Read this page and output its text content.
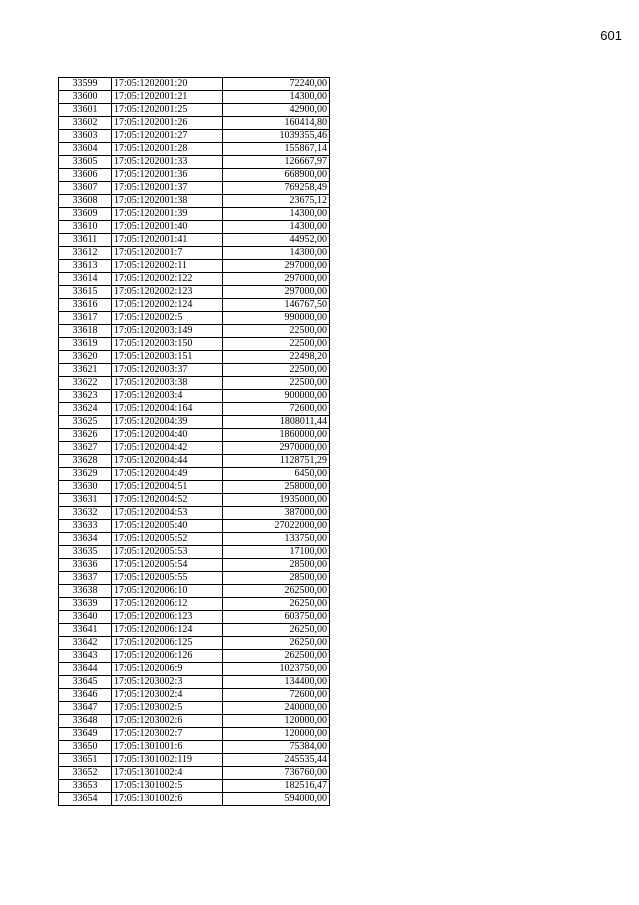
601
33599	17:05:1202001:20	72240,00
33600	17:05:1202001:21	14300,00
33601	17:05:1202001:25	42900,00
33602	17:05:1202001:26	160414,80
33603	17:05:1202001:27	1039355,46
33604	17:05:1202001:28	155867,14
33605	17:05:1202001:33	126667,97
33606	17:05:1202001:36	668900,00
33607	17:05:1202001:37	769258,49
33608	17:05:1202001:38	23675,12
33609	17:05:1202001:39	14300,00
33610	17:05:1202001:40	14300,00
33611	17:05:1202001:41	44952,00
33612	17:05:1202001:7	14300,00
33613	17:05:1202002:11	297000,00
33614	17:05:1202002:122	297000,00
33615	17:05:1202002:123	297000,00
33616	17:05:1202002:124	146767,50
33617	17:05:1202002:5	990000,00
33618	17:05:1202003:149	22500,00
33619	17:05:1202003:150	22500,00
33620	17:05:1202003:151	22498,20
33621	17:05:1202003:37	22500,00
33622	17:05:1202003:38	22500,00
33623	17:05:1202003:4	900000,00
33624	17:05:1202004:164	72600,00
33625	17:05:1202004:39	1808011,44
33626	17:05:1202004:40	1860000,00
33627	17:05:1202004:42	2970000,00
33628	17:05:1202004:44	1128751,29
33629	17:05:1202004:49	6450,00
33630	17:05:1202004:51	258000,00
33631	17:05:1202004:52	1935000,00
33632	17:05:1202004:53	387000,00
33633	17:05:1202005:40	27022000,00
33634	17:05:1202005:52	133750,00
33635	17:05:1202005:53	17100,00
33636	17:05:1202005:54	28500,00
33637	17:05:1202005:55	28500,00
33638	17:05:1202006:10	262500,00
33639	17:05:1202006:12	26250,00
33640	17:05:1202006:123	603750,00
33641	17:05:1202006:124	26250,00
33642	17:05:1202006:125	26250,00
33643	17:05:1202006:126	262500,00
33644	17:05:1202006:9	1023750,00
33645	17:05:1203002:3	134400,00
33646	17:05:1203002:4	72600,00
33647	17:05:1203002:5	240000,00
33648	17:05:1203002:6	120000,00
33649	17:05:1203002:7	120000,00
33650	17:05:1301001:6	75384,00
33651	17:05:1301002:119	245535,44
33652	17:05:1301002:4	736760,00
33653	17:05:1301002:5	182516,47
33654	17:05:1301002:6	594000,00
